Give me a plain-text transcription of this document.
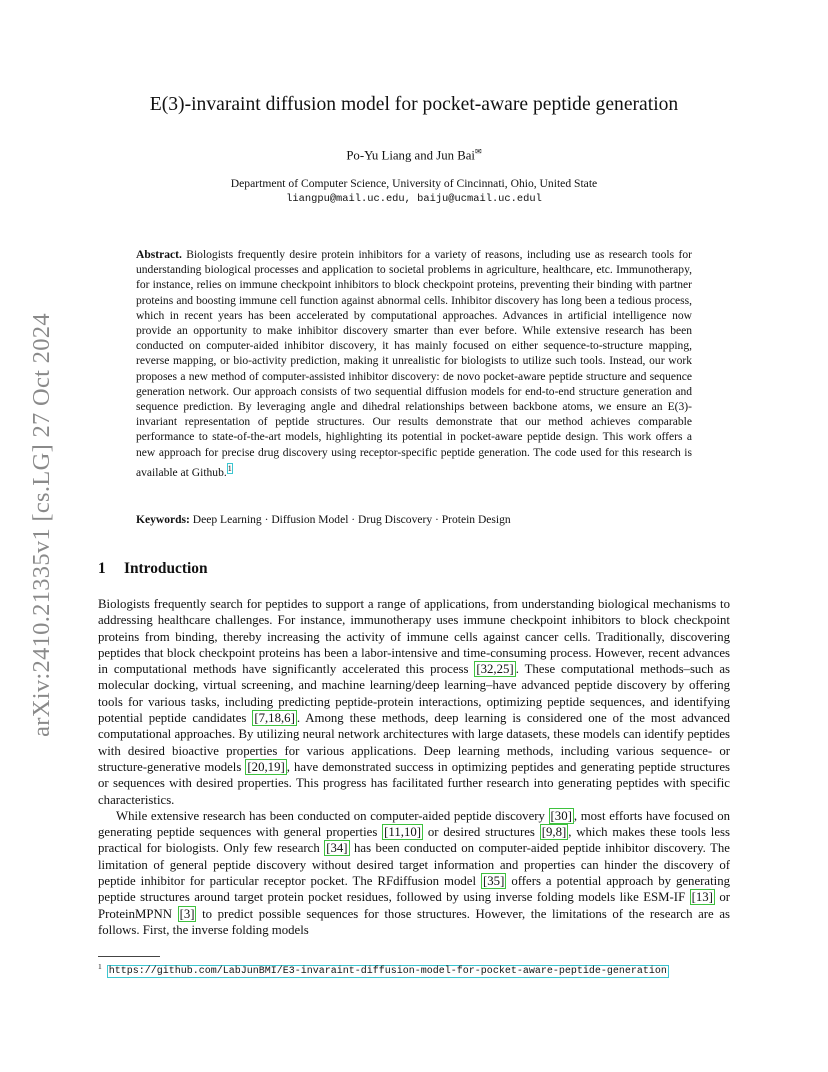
arXiv:2410.21335v1 [cs.LG] 27 Oct 2024
E(3)-invaraint diffusion model for pocket-aware peptide generation
Po-Yu Liang and Jun Bai✉
Department of Computer Science, University of Cincinnati, Ohio, United State
liangpu@mail.uc.edu, baiju@ucmail.uc.edul

Abstract. Biologists frequently desire protein inhibitors for a variety of reasons, including use as research tools for understanding biological processes and application to societal problems in agriculture, healthcare, etc. Immunotherapy, for instance, relies on immune checkpoint inhibitors to block checkpoint proteins, preventing their binding with partner proteins and boosting immune cell function against abnormal cells. Inhibitor discovery has long been a tedious process, which in recent years has been accelerated by computational approaches. Advances in artificial intelligence now provide an opportunity to make inhibitor discovery smarter than ever before. While extensive research has been conducted on computer-aided inhibitor discovery, it has mainly focused on either sequence-to-structure mapping, reverse mapping, or bio-activity prediction, making it unrealistic for biologists to utilize such tools. Instead, our work proposes a new method of computer-assisted inhibitor discovery: de novo pocket-aware peptide structure and sequence generation network. Our approach consists of two sequential diffusion models for end-to-end structure generation and sequence prediction. By leveraging angle and dihedral relationships between backbone atoms, we ensure an E(3)-invariant representation of peptide structures. Our results demonstrate that our method achieves comparable performance to state-of-the-art models, highlighting its potential in pocket-aware peptide design. This work offers a new approach for precise drug discovery using receptor-specific peptide generation. The code used for this research is available at Github.$^1$

Keywords: Deep Learning · Diffusion Model · Drug Discovery · Protein Design
1 Introduction

Biologists frequently search for peptides to support a range of applications, from understanding biological mechanisms to addressing healthcare challenges. For instance, immunotherapy uses immune checkpoint inhibitors to block checkpoint proteins from binding, thereby increasing the activity of immune cells against cancer cells. Traditionally, discovering peptides that block checkpoint proteins has been a labor-intensive and time-consuming process. However, recent advances in computational methods have significantly accelerated this process [32,25] . These computational methods–such as molecular docking, virtual screening, and machine learning/deep learning–have advanced peptide discovery by offering tools for various tasks, including predicting peptide-protein interactions, optimizing peptide sequences, and identifying potential peptide candidates [7,18,6] . Among these methods, deep learning is considered one of the most advanced computational approaches. By utilizing neural network architectures with large datasets, these models can identify peptides with desired bioactive properties for various applications. Deep learning methods, including various sequence- or structure-generative models [20,19] , have demonstrated success in optimizing peptides and generating peptide structures or sequences with desired properties. This progress has facilitated further research into generating peptides with specific characteristics.

While extensive research has been conducted on computer-aided peptide discovery [30] , most efforts have focused on generating peptide sequences with general properties [11,10] or desired structures [9,8] , which makes these tools less practical for biologists. Only few research [34] has been conducted on computer-aided peptide inhibitor discovery. The limitation of general peptide discovery without desired target information and properties can hinder the discovery of peptide inhibitor for particular receptor pocket. The RFdiffusion model [35] offers a potential approach by generating peptide structures around target protein pocket residues, followed by using inverse folding models like ESM-IF [13] or ProteinMPNN [3] to predict possible sequences for those structures. However, the limitations of the research are as follows. First, the inverse folding models

$^1$ https://github.com/LabJunBMI/E3-invaraint-diffusion-model-for-pocket-aware-peptide-generation
